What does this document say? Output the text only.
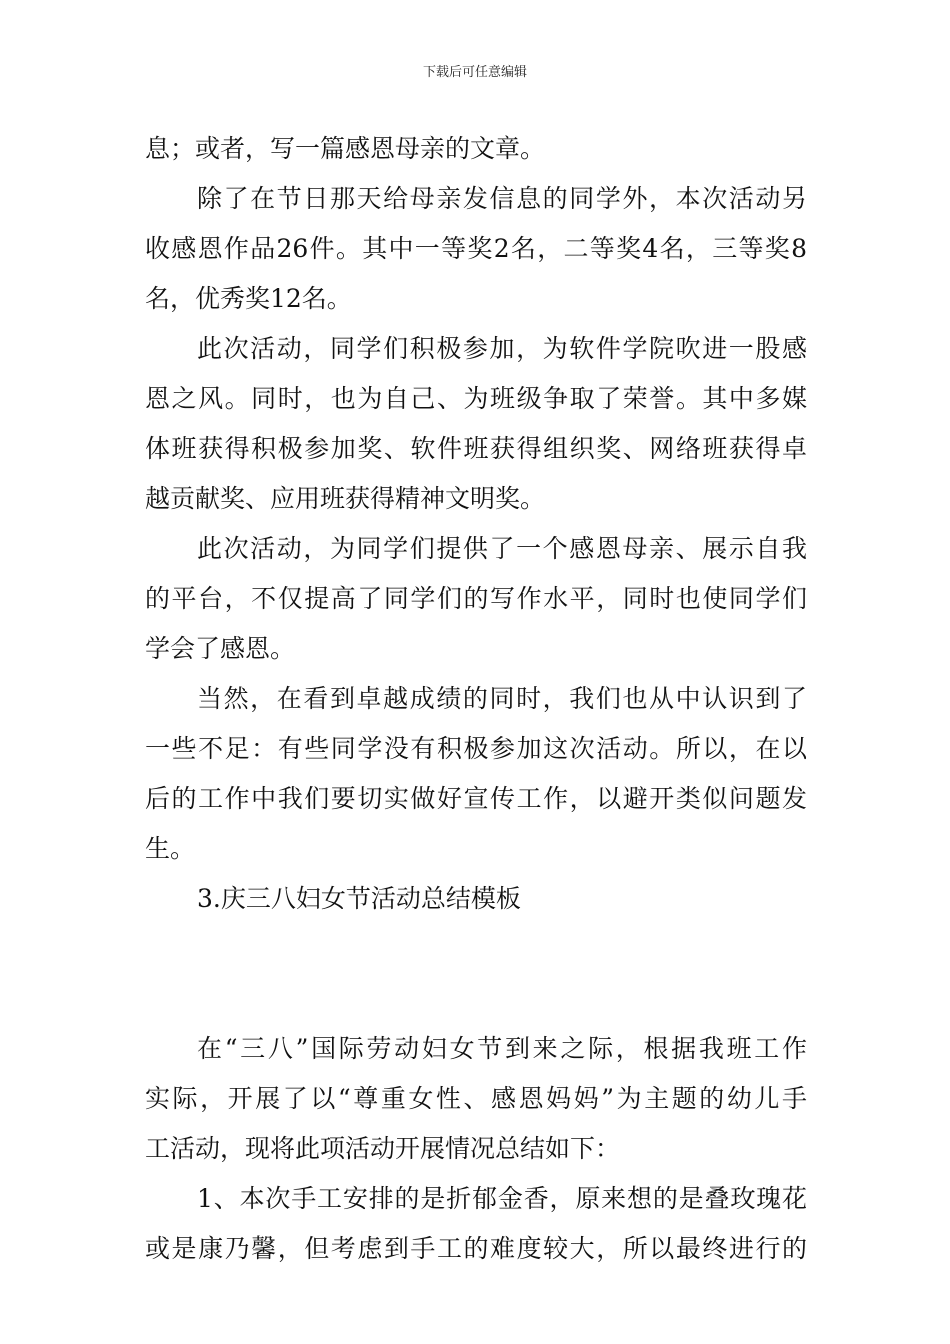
下载后可任意编辑
息；或者，写一篇感恩母亲的文章。
除了在节日那天给母亲发信息的同学外，本次活动另
收感恩作品26件。其中一等奖2名，二等奖4名，三等奖8
名，优秀奖12名。
此次活动，同学们积极参加，为软件学院吹进一股感
恩之风。同时，也为自己、为班级争取了荣誉。其中多媒
体班获得积极参加奖、软件班获得组织奖、网络班获得卓
越贡献奖、应用班获得精神文明奖。
此次活动，为同学们提供了一个感恩母亲、展示自我
的平台，不仅提高了同学们的写作水平，同时也使同学们
学会了感恩。
当然，在看到卓越成绩的同时，我们也从中认识到了
一些不足：有些同学没有积极参加这次活动。所以，在以
后的工作中我们要切实做好宣传工作，以避开类似问题发
生。
3.庆三八妇女节活动总结模板
在“三八”国际劳动妇女节到来之际，根据我班工作
实际，开展了以“尊重女性、感恩妈妈”为主题的幼儿手
工活动，现将此项活动开展情况总结如下：
1、本次手工安排的是折郁金香，原来想的是叠玫瑰花
或是康乃馨，但考虑到手工的难度较大，所以最终进行的
